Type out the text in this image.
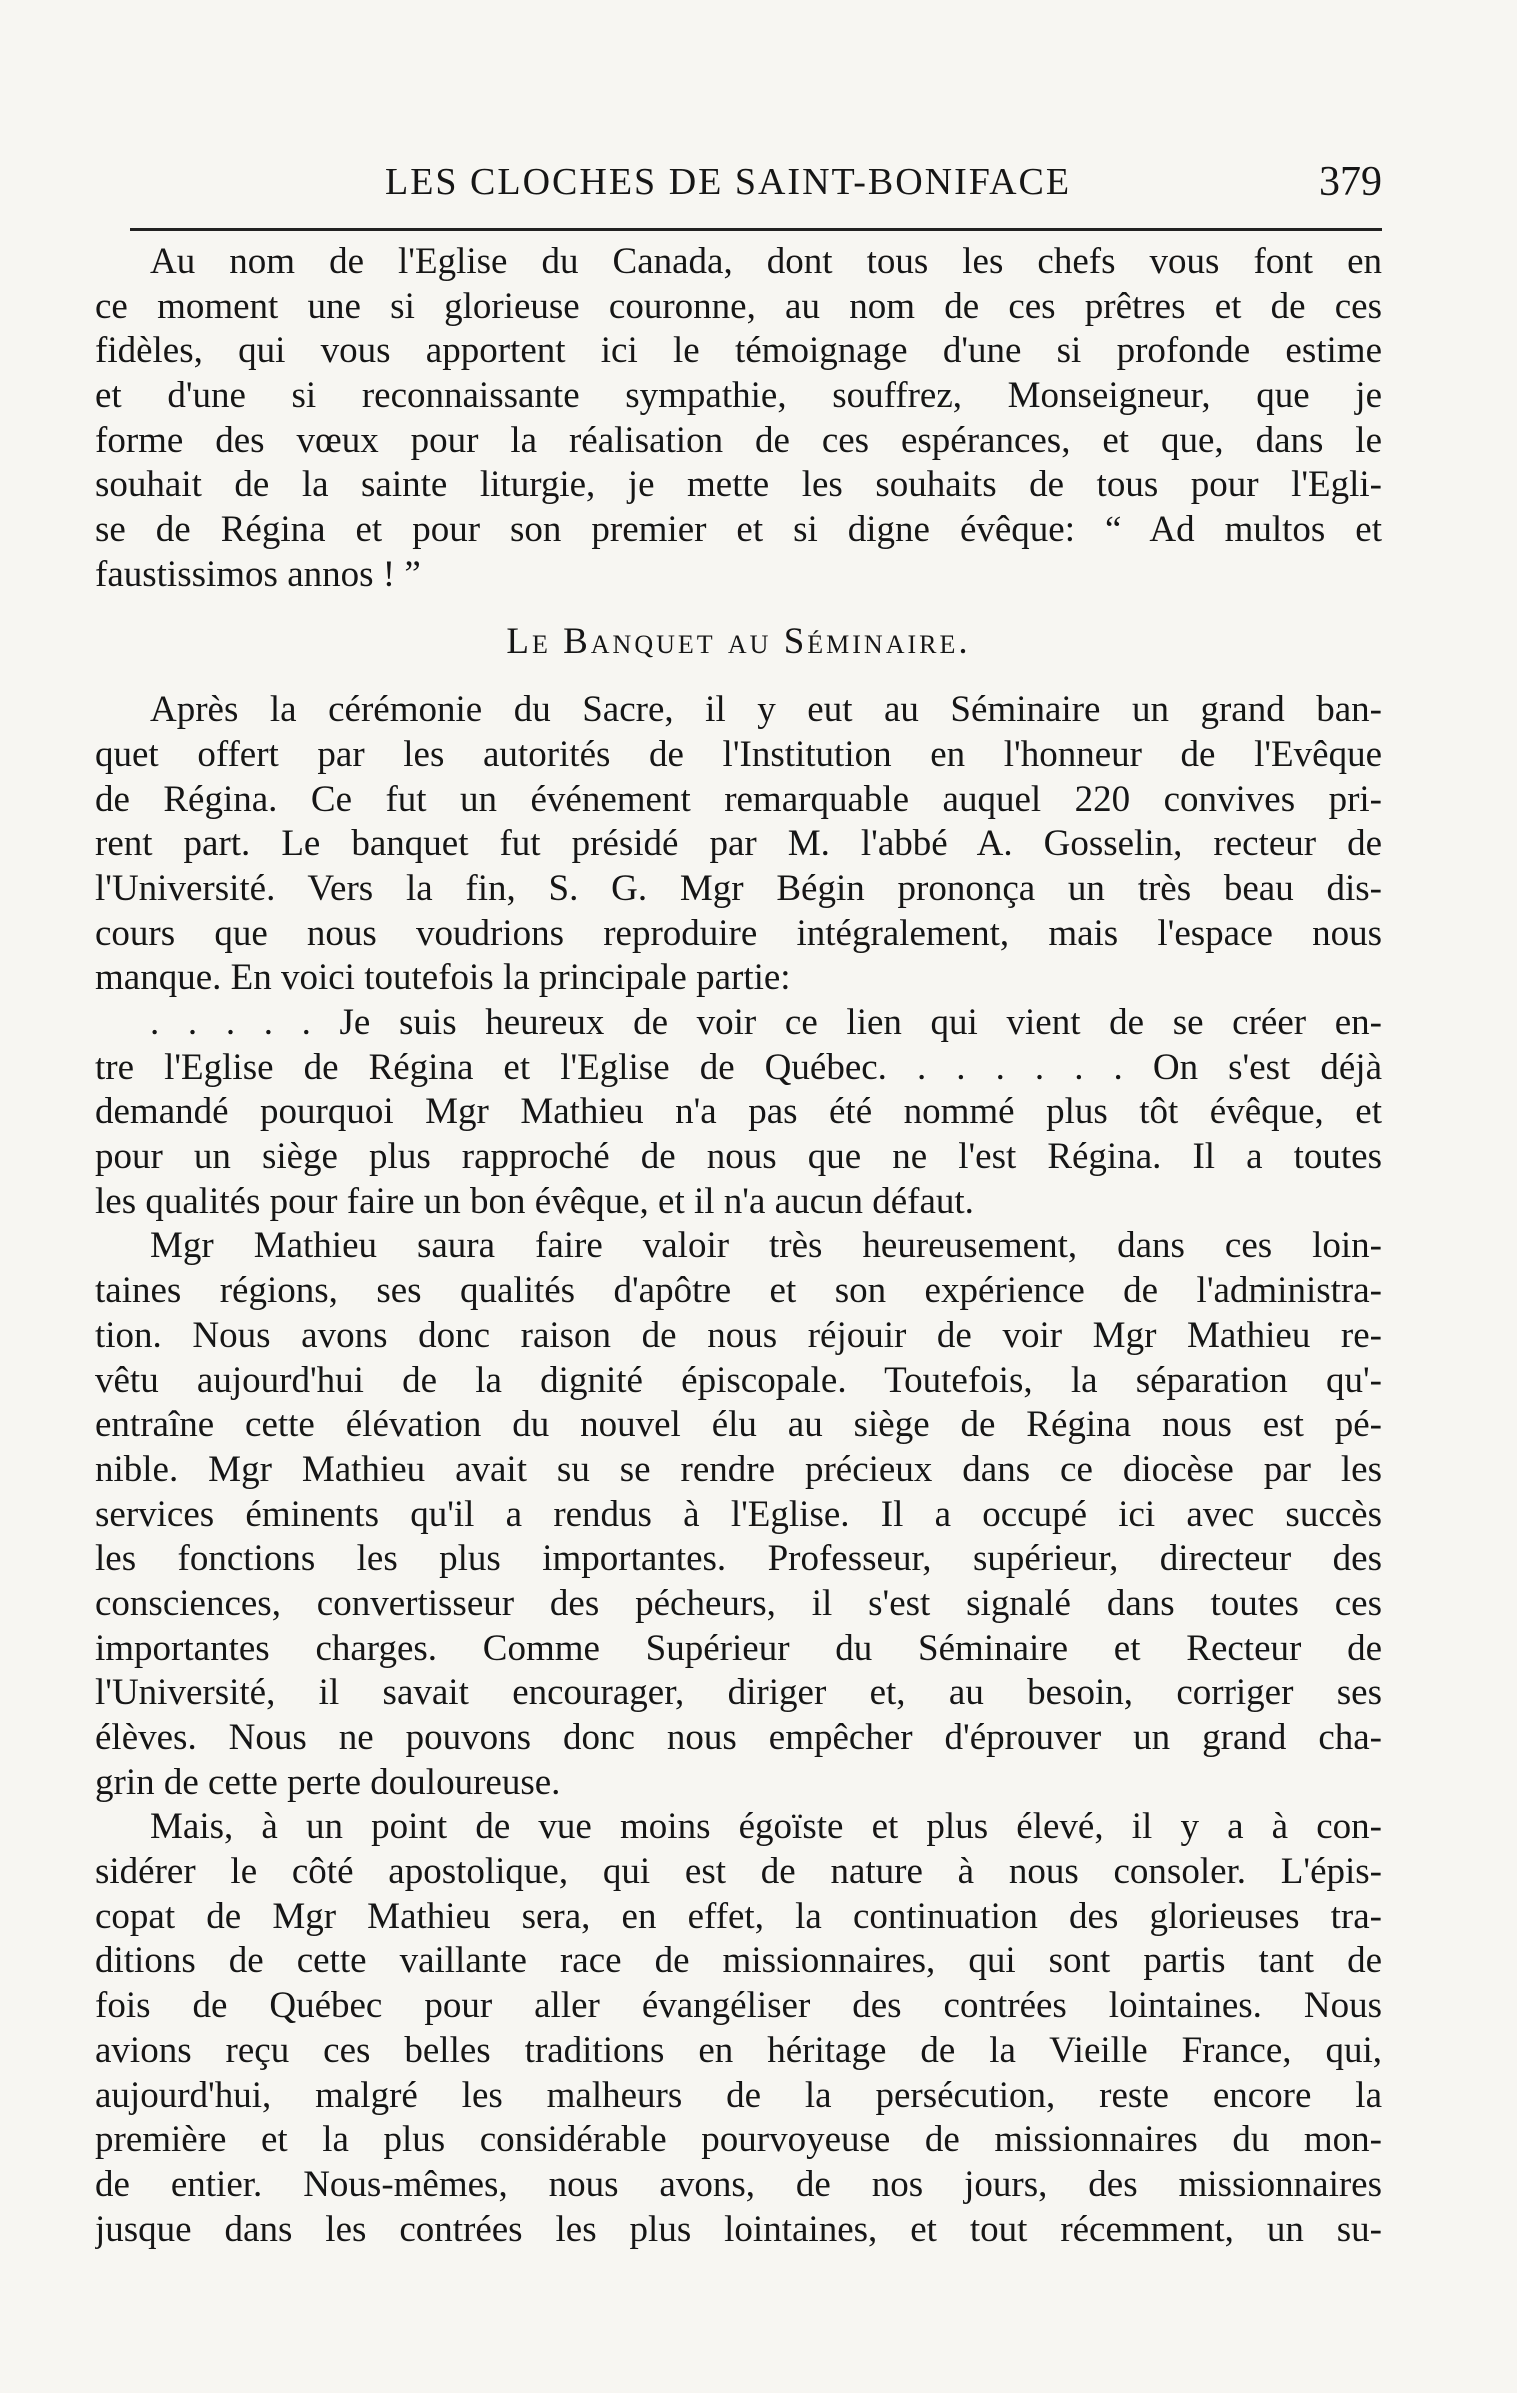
LES CLOCHES DE SAINT-BONIFACE	379
Au nom de l'Eglise du Canada, dont tous les chefs vous font en
ce moment une si glorieuse couronne, au nom de ces prêtres et de ces
fidèles, qui vous apportent ici le témoignage d'une si profonde estime
et d'une si reconnaissante sympathie, souffrez, Monseigneur, que je
forme des vœux pour la réalisation de ces espérances, et que, dans le
souhait de la sainte liturgie, je mette les souhaits de tous pour l'Egli-
se de Régina et pour son premier et si digne évêque: “ Ad multos et
faustissimos annos ! ”
Le Banquet au Séminaire.
Après la cérémonie du Sacre, il y eut au Séminaire un grand ban-
quet offert par les autorités de l'Institution en l'honneur de l'Evêque
de Régina. Ce fut un événement remarquable auquel 220 convives pri-
rent part. Le banquet fut présidé par M. l'abbé A. Gosselin, recteur de
l'Université. Vers la fin, S. G. Mgr Bégin prononça un très beau dis-
cours que nous voudrions reproduire intégralement, mais l'espace nous
manque. En voici toutefois la principale partie:
. . . . . Je suis heureux de voir ce lien qui vient de se créer en-
tre l'Eglise de Régina et l'Eglise de Québec. . . . . . . On s'est déjà
demandé pourquoi Mgr Mathieu n'a pas été nommé plus tôt évêque, et
pour un siège plus rapproché de nous que ne l'est Régina. Il a toutes
les qualités pour faire un bon évêque, et il n'a aucun défaut.
Mgr Mathieu saura faire valoir très heureusement, dans ces loin-
taines régions, ses qualités d'apôtre et son expérience de l'administra-
tion. Nous avons donc raison de nous réjouir de voir Mgr Mathieu re-
vêtu aujourd'hui de la dignité épiscopale. Toutefois, la séparation qu'-
entraîne cette élévation du nouvel élu au siège de Régina nous est pé-
nible. Mgr Mathieu avait su se rendre précieux dans ce diocèse par les
services éminents qu'il a rendus à l'Eglise. Il a occupé ici avec succès
les fonctions les plus importantes. Professeur, supérieur, directeur des
consciences, convertisseur des pécheurs, il s'est signalé dans toutes ces
importantes charges. Comme Supérieur du Séminaire et Recteur de
l'Université, il savait encourager, diriger et, au besoin, corriger ses
élèves. Nous ne pouvons donc nous empêcher d'éprouver un grand cha-
grin de cette perte douloureuse.
Mais, à un point de vue moins égoïste et plus élevé, il y a à con-
sidérer le côté apostolique, qui est de nature à nous consoler. L'épis-
copat de Mgr Mathieu sera, en effet, la continuation des glorieuses tra-
ditions de cette vaillante race de missionnaires, qui sont partis tant de
fois de Québec pour aller évangéliser des contrées lointaines. Nous
avions reçu ces belles traditions en héritage de la Vieille France, qui,
aujourd'hui, malgré les malheurs de la persécution, reste encore la
première et la plus considérable pourvoyeuse de missionnaires du mon-
de entier. Nous-mêmes, nous avons, de nos jours, des missionnaires
jusque dans les contrées les plus lointaines, et tout récemment, un su-
